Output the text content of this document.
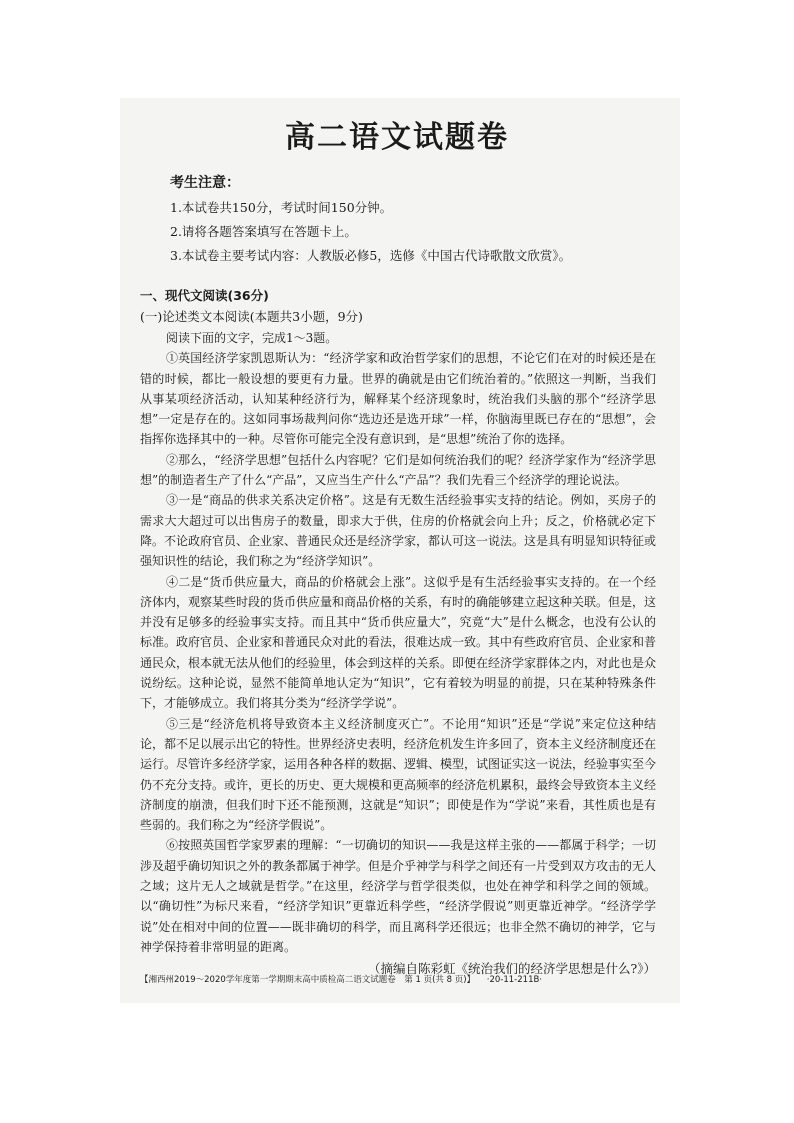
高二语文试题卷
考生注意：
1.本试卷共150分，考试时间150分钟。
2.请将各题答案填写在答题卡上。
3.本试卷主要考试内容：人教版必修5，选修《中国古代诗歌散文欣赏》。
一、现代文阅读(36分)
(一)论述类文本阅读(本题共3小题，9分)

阅读下面的文字，完成1～3题。

①英国经济学家凯恩斯认为：“经济学家和政治哲学家们的思想，不论它们在对的时候还是在错的时候，都比一般设想的要更有力量。世界的确就是由它们统治着的。”依照这一判断，当我们从事某项经济活动，认知某种经济行为，解释某个经济现象时，统治我们头脑的那个“经济学思想”一定是存在的。这如同事场裁判问你“选边还是选开球”一样，你脑海里既已存在的“思想”，会指挥你选择其中的一种。尽管你可能完全没有意识到，是“思想”统治了你的选择。

②那么，“经济学思想”包括什么内容呢？它们是如何统治我们的呢？经济学家作为“经济学思想”的制造者生产了什么“产品”，又应当生产什么“产品”？我们先看三个经济学的理论说法。

③一是“商品的供求关系决定价格”。这是有无数生活经验事实支持的结论。例如，买房子的需求大大超过可以出售房子的数量，即求大于供，住房的价格就会向上升；反之，价格就必定下降。不论政府官员、企业家、普通民众还是经济学家，都认可这一说法。这是具有明显知识特征或强知识性的结论，我们称之为“经济学知识”。

④二是“货币供应量大，商品的价格就会上涨”。这似乎是有生活经验事实支持的。在一个经济体内，观察某些时段的货币供应量和商品价格的关系，有时的确能够建立起这种关联。但是，这并没有足够多的经验事实支持。而且其中“货币供应量大”，究竟“大”是什么概念，也没有公认的标准。政府官员、企业家和普通民众对此的看法，很难达成一致。其中有些政府官员、企业家和普通民众，根本就无法从他们的经验里，体会到这样的关系。即便在经济学家群体之内，对此也是众说纷纭。这种论说，显然不能简单地认定为“知识”，它有着较为明显的前提，只在某种特殊条件下，才能够成立。我们将其分类为“经济学学说”。

⑤三是“经济危机将导致资本主义经济制度灭亡”。不论用“知识”还是“学说”来定位这种结论，都不足以展示出它的特性。世界经济史表明，经济危机发生许多回了，资本主义经济制度还在运行。尽管许多经济学家，运用各种各样的数据、逻辑、模型，试图证实这一说法，经验事实至今仍不充分支持。或许，更长的历史、更大规模和更高频率的经济危机累积，最终会导致资本主义经济制度的崩溃，但我们时下还不能预测，这就是“知识”；即使是作为“学说”来看，其性质也是有些弱的。我们称之为“经济学假说”。

⑥按照英国哲学家罗素的理解：“一切确切的知识——我是这样主张的——都属于科学；一切涉及超乎确切知识之外的教条都属于神学。但是介乎神学与科学之间还有一片受到双方攻击的无人之域；这片无人之域就是哲学。”在这里，经济学与哲学很类似，也处在神学和科学之间的领域。以“确切性”为标尺来看，“经济学知识”更靠近科学些，“经济学假说”则更靠近神学。“经济学学说”处在相对中间的位置——既非确切的科学，而且离科学还很远；也非全然不确切的神学，它与神学保持着非常明显的距离。

（摘编自陈彩虹《统治我们的经济学思想是什么?》）

【湘西州2019～2020学年度第一学期期末高中质检高二语文试题卷　第 1 页(共 8 页)】 ·20-11-211B·
